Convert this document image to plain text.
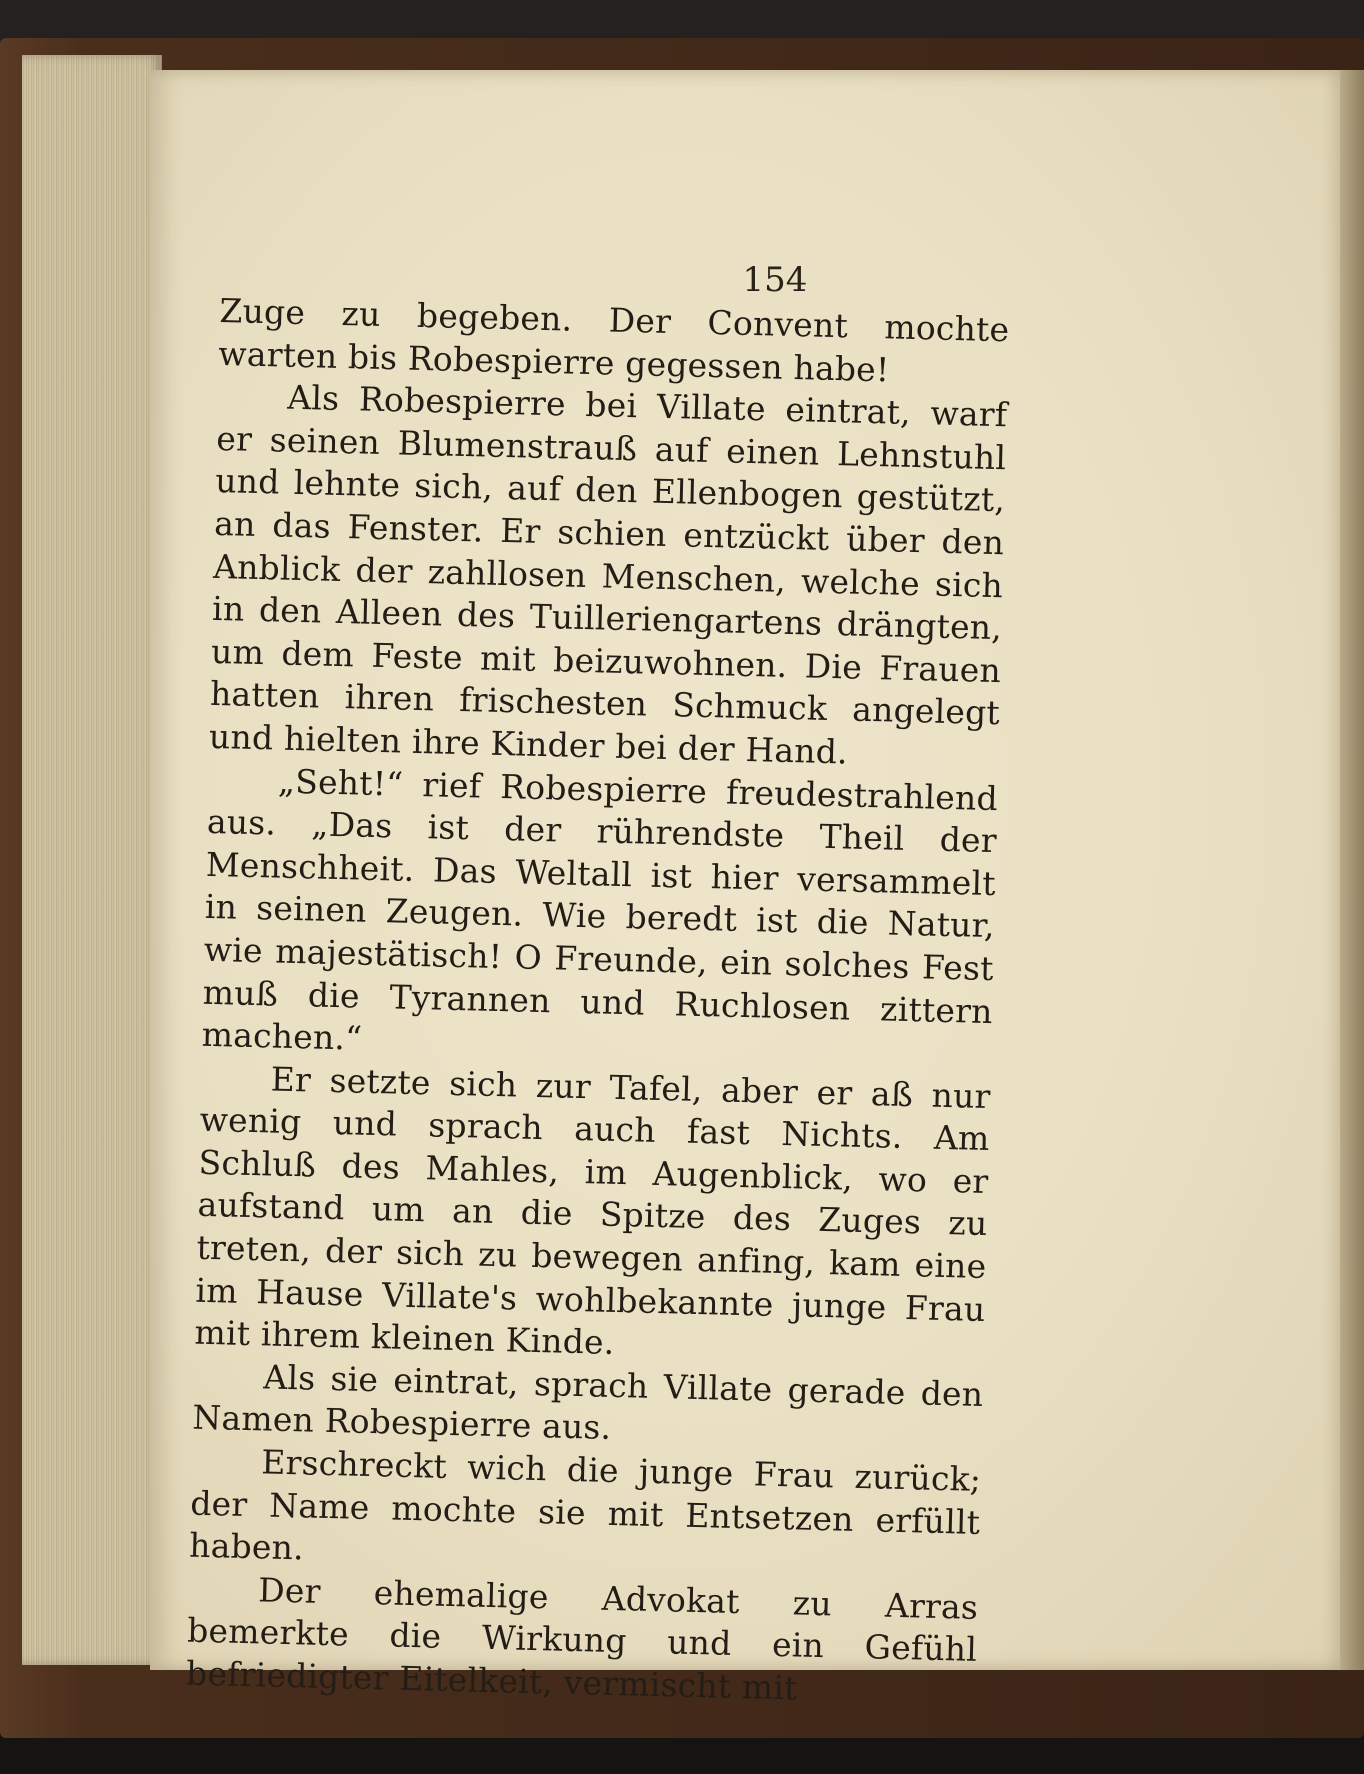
154

Zuge zu begeben. Der Convent mochte warten bis Robespierre gegessen habe!

Als Robespierre bei Villate eintrat, warf er seinen Blumenstrauß auf einen Lehnstuhl und lehnte sich, auf den Ellenbogen gestützt, an das Fenster. Er schien entzückt über den Anblick der zahllosen Menschen, welche sich in den Alleen des Tuilleriengartens drängten, um dem Feste mit beizuwohnen. Die Frauen hatten ihren frischesten Schmuck angelegt und hielten ihre Kinder bei der Hand.

„Seht!“ rief Robespierre freudestrahlend aus. „Das ist der rührendste Theil der Menschheit. Das Weltall ist hier versammelt in seinen Zeugen. Wie beredt ist die Natur, wie majestätisch! O Freunde, ein solches Fest muß die Tyrannen und Ruchlosen zittern machen.“

Er setzte sich zur Tafel, aber er aß nur wenig und sprach auch fast Nichts. Am Schluß des Mahles, im Augenblick, wo er aufstand um an die Spitze des Zuges zu treten, der sich zu bewegen anfing, kam eine im Hause Villate's wohlbekannte junge Frau mit ihrem kleinen Kinde.

Als sie eintrat, sprach Villate gerade den Namen Robespierre aus.

Erschreckt wich die junge Frau zurück; der Name mochte sie mit Entsetzen erfüllt haben.

Der ehemalige Advokat zu Arras bemerkte die Wirkung und ein Gefühl befriedigter Eitelkeit, vermischt mit
